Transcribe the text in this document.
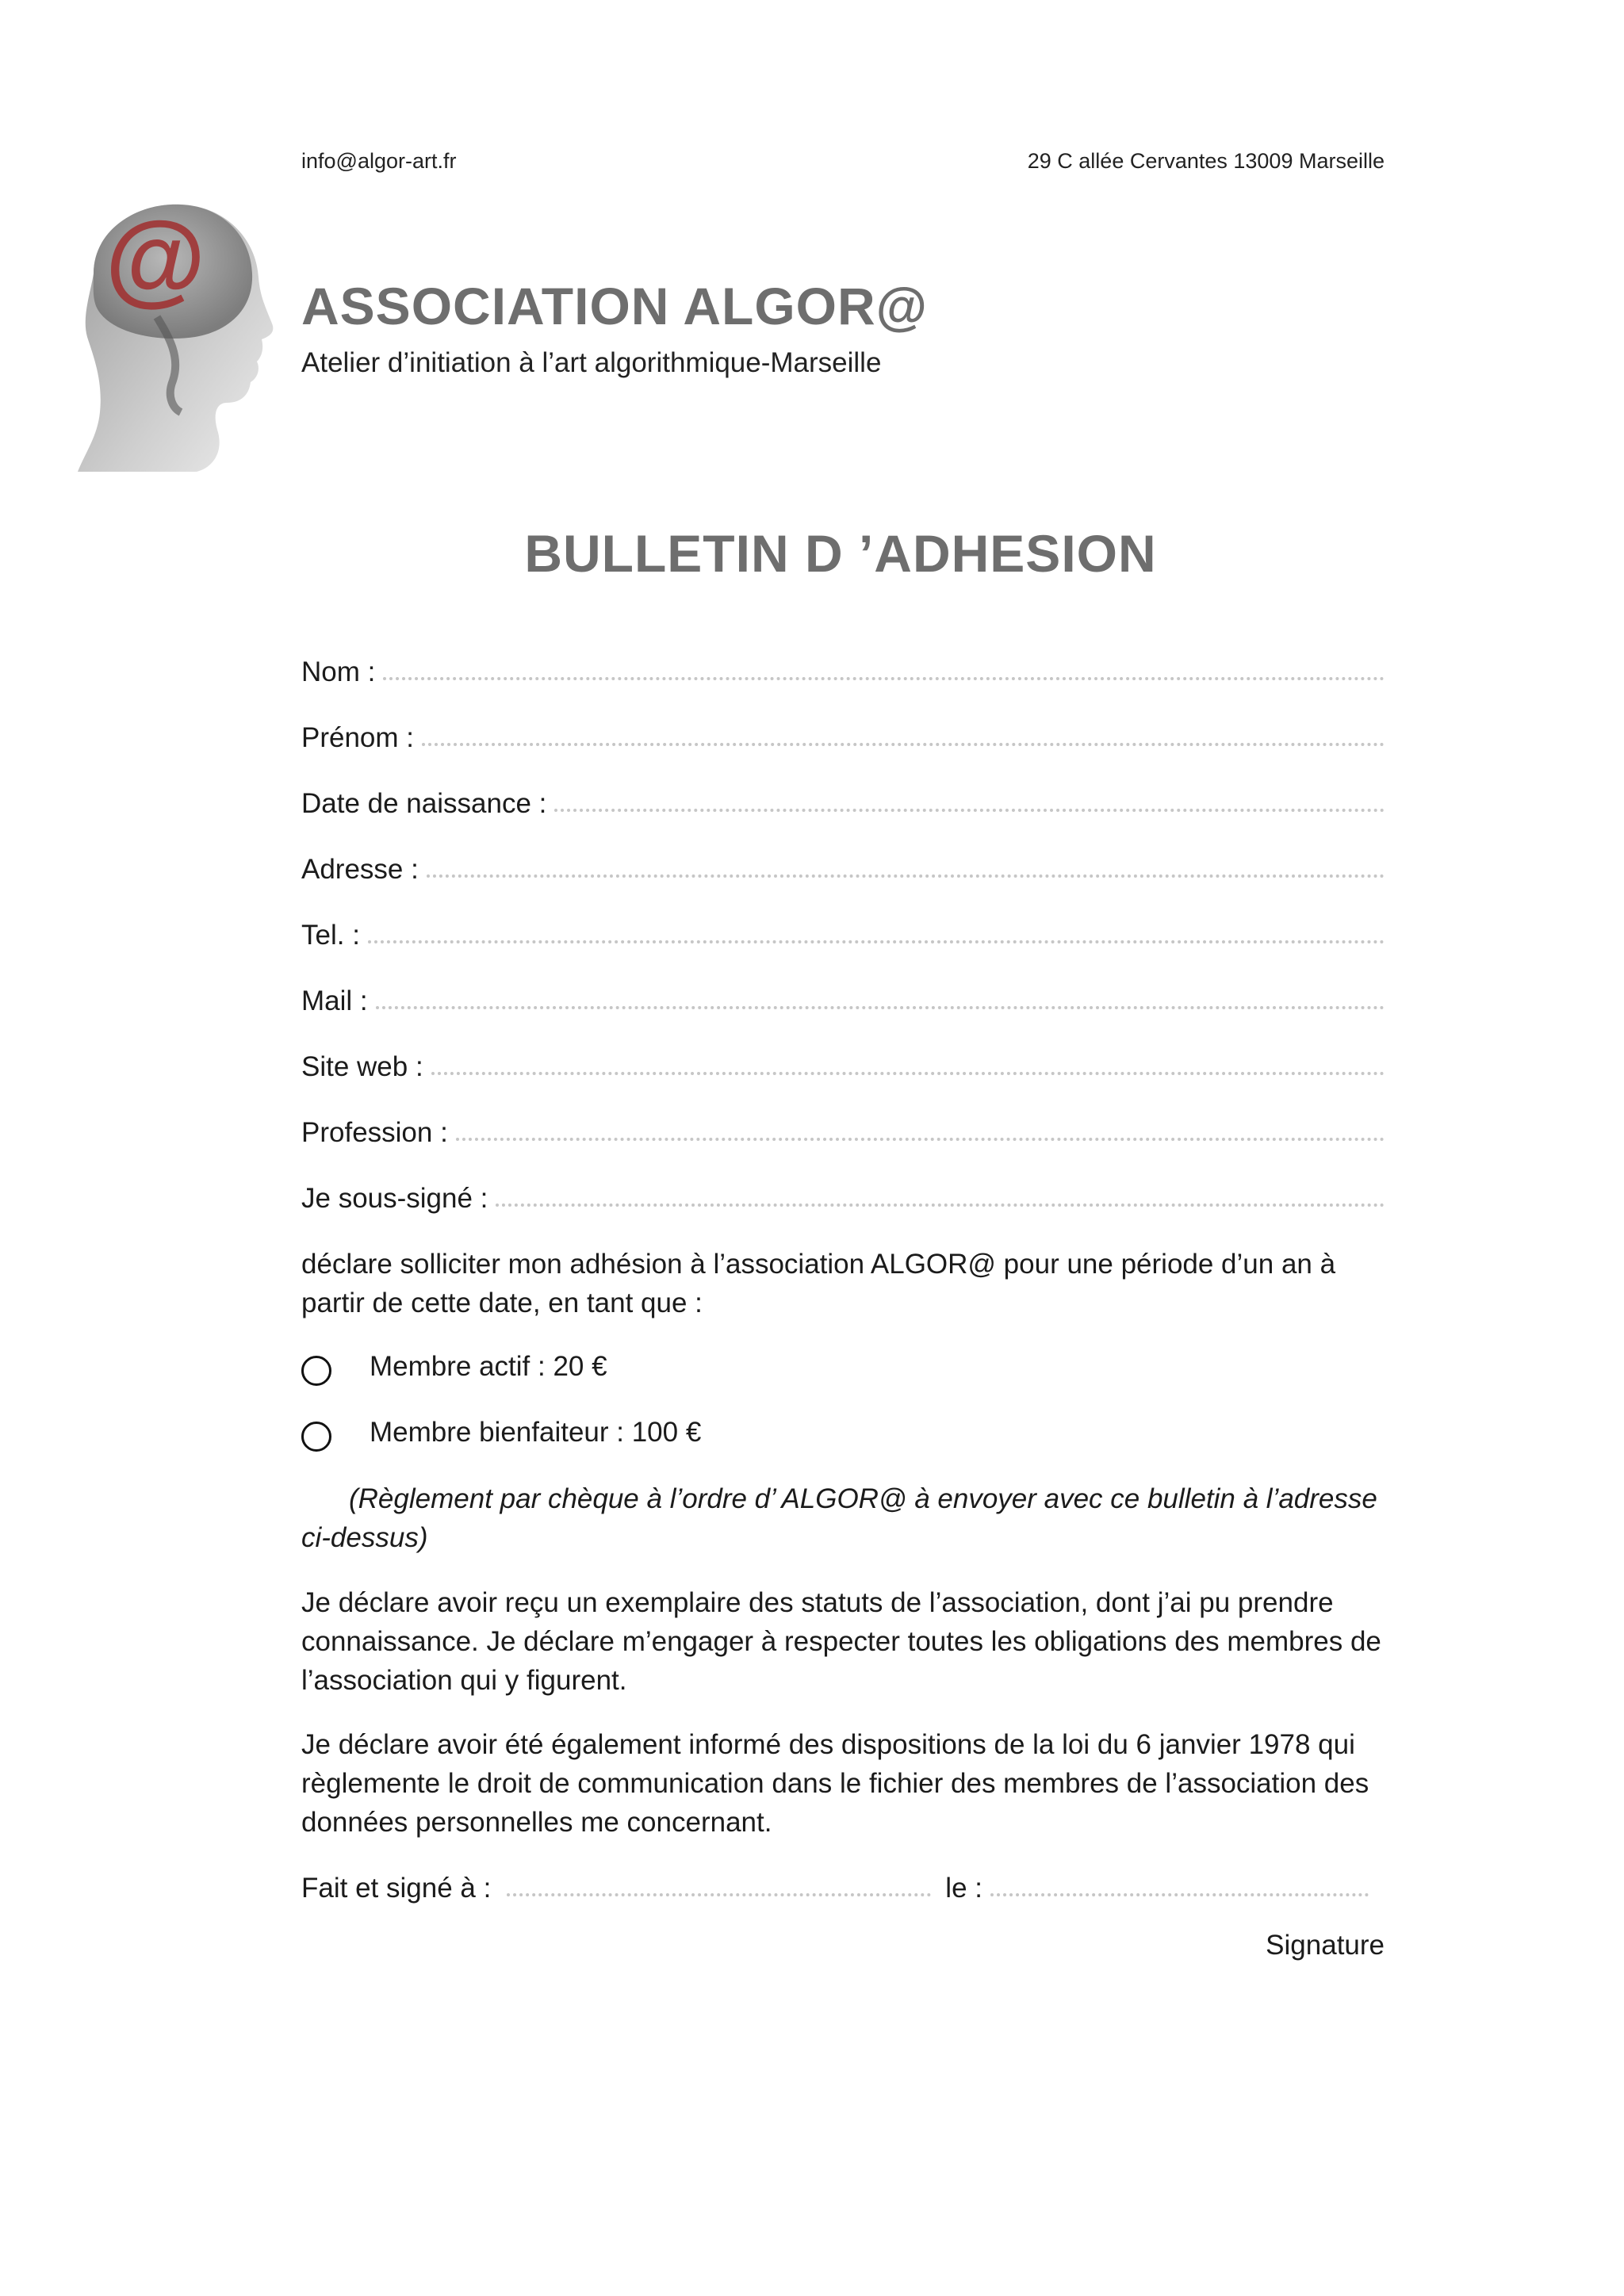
info@algor-art.fr	29 C allée Cervantes 13009 Marseille
@ ASSOCIATION ALGOR@
Atelier d’initiation à l’art algorithmique-Marseille
BULLETIN D ’ADHESION
Nom :
Prénom :
Date de naissance :
Adresse :
Tel. :
Mail :
Site web :
Profession :
Je sous-signé :
déclare solliciter mon adhésion à l’association ALGOR@ pour une période d’un an à partir de cette date, en tant que :
Membre actif : 20 €
Membre bienfaiteur : 100 €
(Règlement par chèque à l’ordre d’ ALGOR@ à envoyer avec ce bulletin à l’adresse ci-dessus)
Je déclare avoir reçu un exemplaire des statuts de l’association, dont j’ai pu prendre connaissance. Je déclare m’engager à respecter toutes les obligations des membres de l’association qui y figurent.
Je déclare avoir été également informé des dispositions de la loi du 6 janvier 1978 qui règlemente le droit de communication dans le fichier des membres de l’association des données personnelles me concernant.
Fait et signé à :	le :
Signature
